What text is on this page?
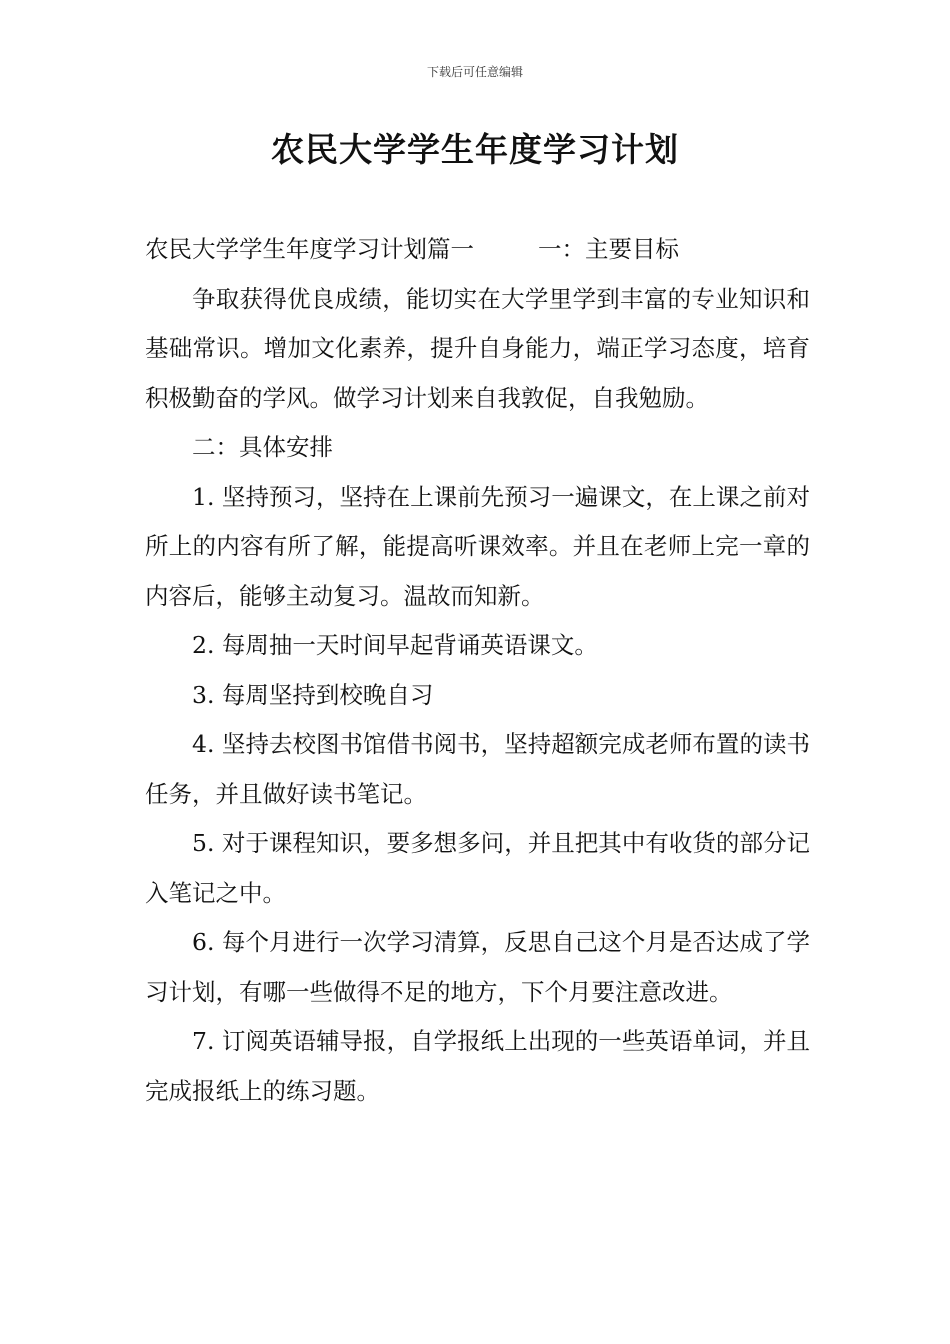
下载后可任意编辑
农民大学学生年度学习计划

农民大学学生年度学习计划篇一	一：主要目标

争取获得优良成绩，能切实在大学里学到丰富的专业知识和基础常识。增加文化素养，提升自身能力，端正学习态度，培育积极勤奋的学风。做学习计划来自我敦促，自我勉励。

二：具体安排

1. 坚持预习，坚持在上课前先预习一遍课文，在上课之前对所上的内容有所了解，能提高听课效率。并且在老师上完一章的内容后，能够主动复习。温故而知新。

2. 每周抽一天时间早起背诵英语课文。

3. 每周坚持到校晚自习

4. 坚持去校图书馆借书阅书，坚持超额完成老师布置的读书任务，并且做好读书笔记。

5. 对于课程知识，要多想多问，并且把其中有收货的部分记入笔记之中。

6. 每个月进行一次学习清算，反思自己这个月是否达成了学习计划，有哪一些做得不足的地方，下个月要注意改进。

7. 订阅英语辅导报，自学报纸上出现的一些英语单词，并且完成报纸上的练习题。
